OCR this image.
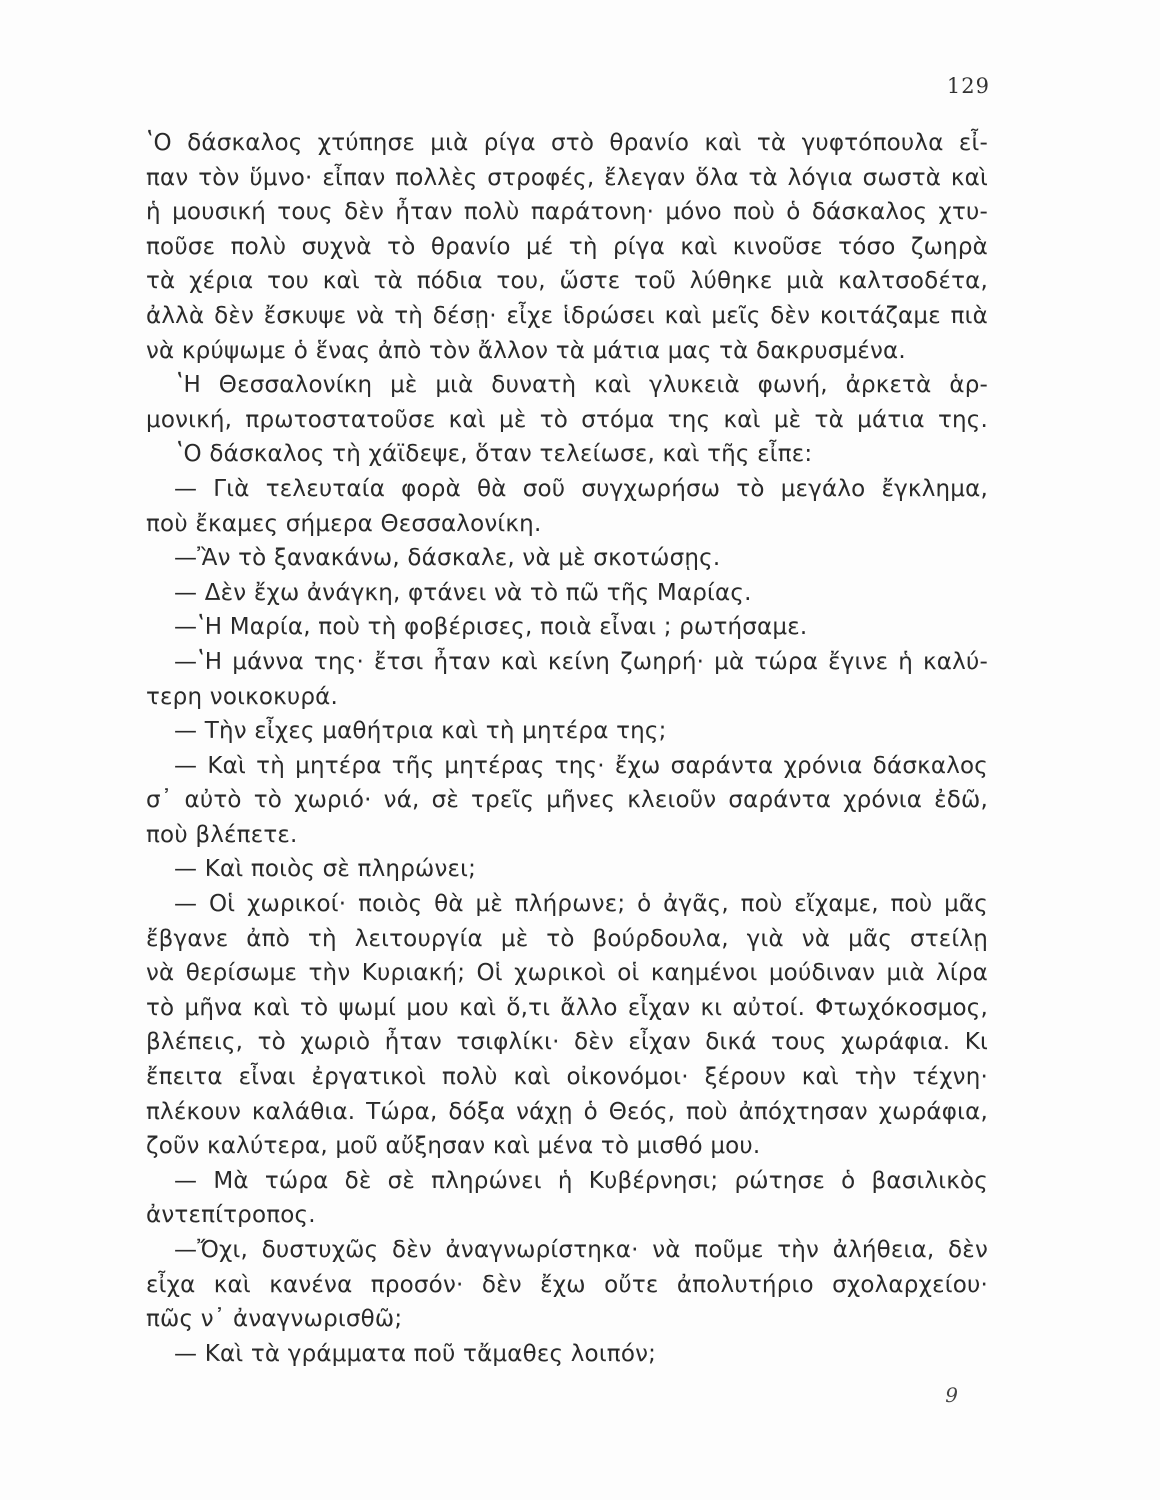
129
ʽΟ δάσκαλος χτύπησε μιὰ ρίγα στὸ θρανίο καὶ τὰ γυφτόπουλα εἶ-
παν τὸν ὕμνο· εἶπαν πολλὲς στροφές, ἔλεγαν ὅλα τὰ λόγια σωστὰ καὶ
ἡ μουσική τους δὲν ἦταν πολὺ παράτονη· μόνο ποὺ ὁ δάσκαλος χτυ-
ποῦσε πολὺ συχνὰ τὸ θρανίο μέ τὴ ρίγα καὶ κινοῦσε τόσο ζωηρὰ
τὰ χέρια του καὶ τὰ πόδια του, ὥστε τοῦ λύθηκε μιὰ καλτσοδέτα,
ἀλλὰ δὲν ἔσκυψε νὰ τὴ δέσῃ· εἶχε ἱδρώσει καὶ μεῖς δὲν κοιτάζαμε πιὰ
νὰ κρύψωμε ὁ ἕνας ἀπὸ τὸν ἄλλον τὰ μάτια μας τὰ δακρυσμένα.
ʽΗ Θεσσαλονίκη μὲ μιὰ δυνατὴ καὶ γλυκειὰ φωνή, ἀρκετὰ ἁρ-
μονική, πρωτοστατοῦσε καὶ μὲ τὸ στόμα της καὶ μὲ τὰ μάτια της.
ʽΟ δάσκαλος τὴ χάϊδεψε, ὅταν τελείωσε, καὶ τῆς εἶπε:
— Γιὰ τελευταία φορὰ θὰ σοῦ συγχωρήσω τὸ μεγάλο ἔγκλημα,
ποὺ ἔκαμες σήμερα Θεσσαλονίκη.
—Ἂν τὸ ξανακάνω, δάσκαλε, νὰ μὲ σκοτώσῃς.
— Δὲν ἔχω ἀνάγκη, φτάνει νὰ τὸ πῶ τῆς Μαρίας.
—ʽΗ Μαρία, ποὺ τὴ φοβέρισες, ποιὰ εἶναι ; ρωτήσαμε.
—ʽΗ μάννα της· ἔτσι ἦταν καὶ κείνη ζωηρή· μὰ τώρα ἔγινε ἡ καλύ-
τερη νοικοκυρά.
— Τὴν εἶχες μαθήτρια καὶ τὴ μητέρα της;
— Καὶ τὴ μητέρα τῆς μητέρας της· ἔχω σαράντα χρόνια δάσκαλος
σ᾽ αὐτὸ τὸ χωριό· νά, σὲ τρεῖς μῆνες κλειοῦν σαράντα χρόνια ἐδῶ,
ποὺ βλέπετε.
— Καὶ ποιὸς σὲ πληρώνει;
— Οἱ χωρικοί· ποιὸς θὰ μὲ πλήρωνε; ὁ ἀγᾶς, ποὺ εἴχαμε, ποὺ μᾶς
ἔβγανε ἀπὸ τὴ λειτουργία μὲ τὸ βούρδουλα, γιὰ νὰ μᾶς στείλῃ
νὰ θερίσωμε τὴν Κυριακή; Οἱ χωρικοὶ οἱ καημένοι μούδιναν μιὰ λίρα
τὸ μῆνα καὶ τὸ ψωμί μου καὶ ὅ,τι ἄλλο εἶχαν κι αὐτοί. Φτωχόκοσμος,
βλέπεις, τὸ χωριὸ ἦταν τσιφλίκι· δὲν εἶχαν δικά τους χωράφια. Κι
ἔπειτα εἶναι ἐργατικοὶ πολὺ καὶ οἰκονόμοι· ξέρουν καὶ τὴν τέχνη·
πλέκουν καλάθια. Τώρα, δόξα νάχῃ ὁ Θεός, ποὺ ἀπόχτησαν χωράφια,
ζοῦν καλύτερα, μοῦ αὔξησαν καὶ μένα τὸ μισθό μου.
— Μὰ τώρα δὲ σὲ πληρώνει ἡ Κυβέρνησι; ρώτησε ὁ βασιλικὸς
ἀντεπίτροπος.
—Ὄχι, δυστυχῶς δὲν ἀναγνωρίστηκα· νὰ ποῦμε τὴν ἀλήθεια, δὲν
εἶχα καὶ κανένα προσόν· δὲν ἔχω οὔτε ἀπολυτήριο σχολαρχείου·
πῶς ν᾽ ἀναγνωρισθῶ;
— Καὶ τὰ γράμματα ποῦ τἄμαθες λοιπόν;
9
